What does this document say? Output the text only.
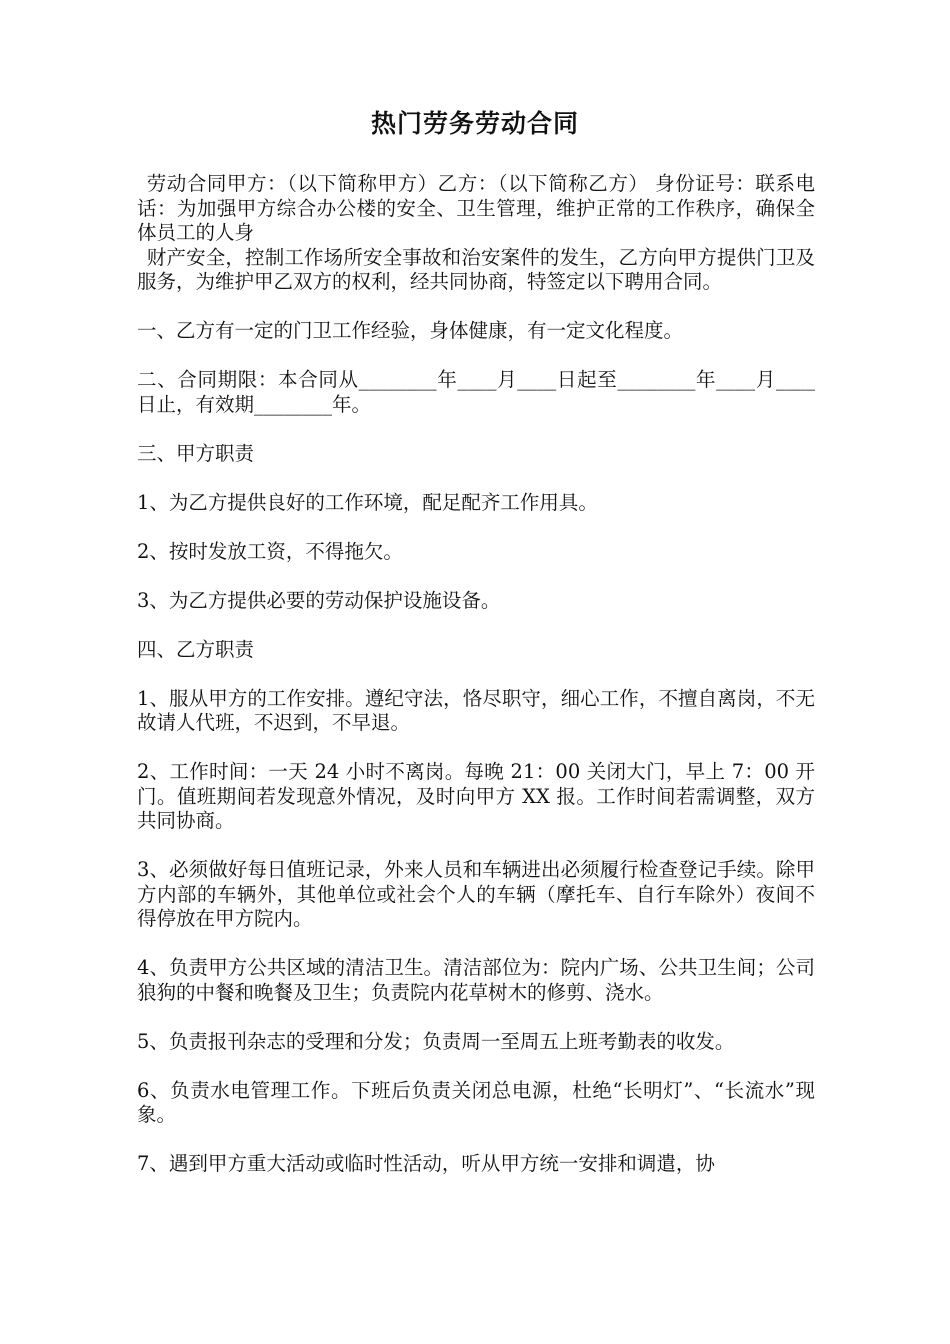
热门劳务劳动合同

劳动合同甲方：（以下简称甲方）乙方：（以下简称乙方） 身份证号：联系电话：为加强甲方综合办公楼的安全、卫生管理，维护正常的工作秩序，确保全体员工的人身
财产安全，控制工作场所安全事故和治安案件的发生，乙方向甲方提供门卫及服务，为维护甲乙双方的权利，经共同协商，特签定以下聘用合同。

一、乙方有一定的门卫工作经验，身体健康，有一定文化程度。

二、合同期限：本合同从________年____月____日起至________年____月____日止，有效期________年。

三、甲方职责

1、为乙方提供良好的工作环境，配足配齐工作用具。

2、按时发放工资，不得拖欠。

3、为乙方提供必要的劳动保护设施设备。

四、乙方职责

1、服从甲方的工作安排。遵纪守法，恪尽职守，细心工作，不擅自离岗，不无故请人代班，不迟到，不早退。

2、工作时间：一天 24 小时不离岗。每晚 21：00 关闭大门，早上 7：00 开门。值班期间若发现意外情况，及时向甲方 XX 报。工作时间若需调整，双方共同协商。

3、必须做好每日值班记录，外来人员和车辆进出必须履行检查登记手续。除甲方内部的车辆外，其他单位或社会个人的车辆（摩托车、自行车除外）夜间不得停放在甲方院内。

4、负责甲方公共区域的清洁卫生。清洁部位为：院内广场、公共卫生间；公司狼狗的中餐和晚餐及卫生；负责院内花草树木的修剪、浇水。

5、负责报刊杂志的受理和分发；负责周一至周五上班考勤表的收发。

6、负责水电管理工作。下班后负责关闭总电源，杜绝“长明灯”、“长流水”现象。

7、遇到甲方重大活动或临时性活动，听从甲方统一安排和调遣，协
